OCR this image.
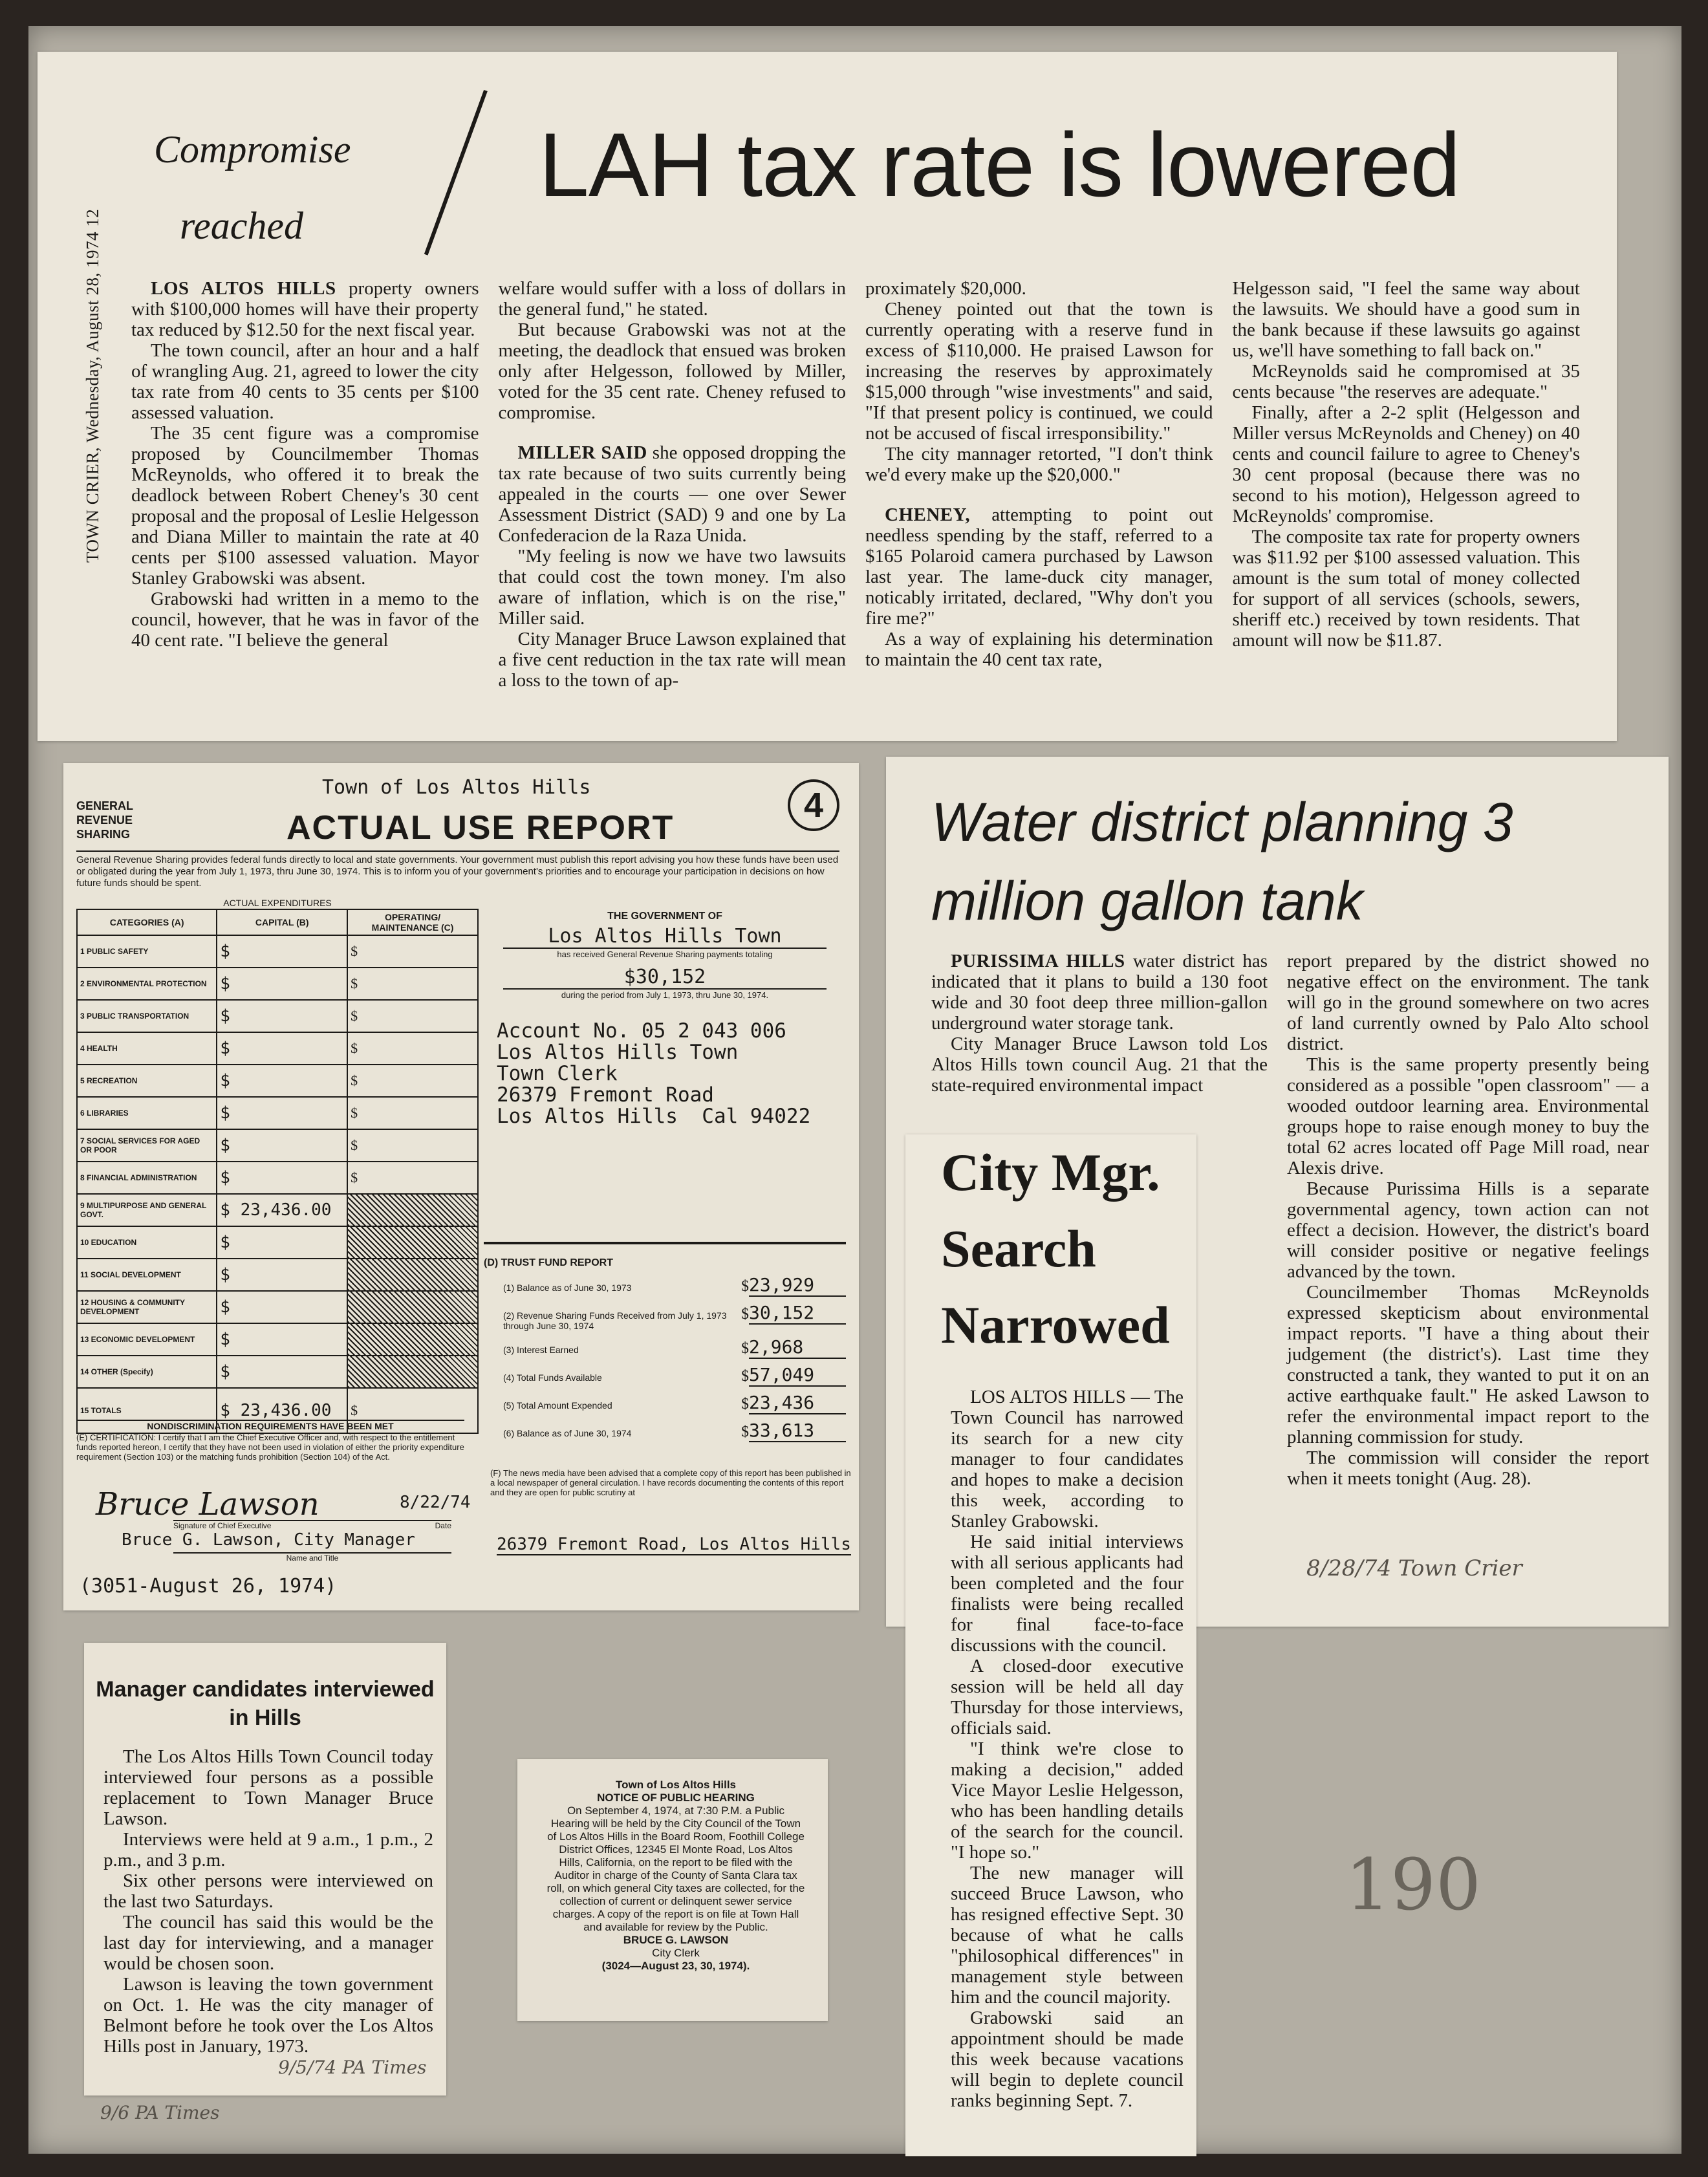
TOWN CRIER, Wednesday, August 28, 1974 12
Compromise
reached
LAH tax rate is lowered

LOS ALTOS HILLS property owners with $100,000 homes will have their property tax reduced by $12.50 for the next fiscal year.

The town council, after an hour and a half of wrangling Aug. 21, agreed to lower the city tax rate from 40 cents to 35 cents per $100 assessed valuation.

The 35 cent figure was a compromise proposed by Councilmember Thomas McReynolds, who offered it to break the deadlock between Robert Cheney's 30 cent proposal and the proposal of Leslie Helgesson and Diana Miller to maintain the rate at 40 cents per $100 assessed valuation. Mayor Stanley Grabowski was absent.

Grabowski had written in a memo to the council, however, that he was in favor of the 40 cent rate. "I believe the general

welfare would suffer with a loss of dollars in the general fund," he stated.

But because Grabowski was not at the meeting, the deadlock that ensued was broken only after Helgesson, followed by Miller, voted for the 35 cent rate. Cheney refused to compromise.

MILLER SAID she opposed dropping the tax rate because of two suits currently being appealed in the courts — one over Sewer Assessment District (SAD) 9 and one by La Confederacion de la Raza Unida.

"My feeling is now we have two lawsuits that could cost the town money. I'm also aware of inflation, which is on the rise," Miller said.

City Manager Bruce Lawson explained that a five cent reduction in the tax rate will mean a loss to the town of ap-

proximately $20,000.

Cheney pointed out that the town is currently operating with a reserve fund in excess of $110,000. He praised Lawson for increasing the reserves by approximately $15,000 through "wise investments" and said, "If that present policy is continued, we could not be accused of fiscal irresponsibility."

The city mannager retorted, "I don't think we'd every make up the $20,000."

CHENEY, attempting to point out needless spending by the staff, referred to a $165 Polaroid camera purchased by Lawson last year. The lame-duck city manager, noticably irritated, declared, "Why don't you fire me?"

As a way of explaining his determination to maintain the 40 cent tax rate,

Helgesson said, "I feel the same way about the lawsuits. We should have a good sum in the bank because if these lawsuits go against us, we'll have something to fall back on."

McReynolds said he compromised at 35 cents because "the reserves are adequate."

Finally, after a 2-2 split (Helgesson and Miller versus McReynolds and Cheney) on 40 cents and council failure to agree to Cheney's 30 cent proposal (because there was no second to his motion), Helgesson agreed to McReynolds' compromise.

The composite tax rate for property owners was $11.92 per $100 assessed valuation. This amount is the sum total of money collected for support of all services (schools, sewers, sheriff etc.) received by town residents. That amount will now be $11.87.

Town of Los Altos Hills
GENERAL
REVENUE
SHARING	ACTUAL USE REPORT
4
General Revenue Sharing provides federal funds directly to local and state governments. Your government must publish this report advising you how these funds have been used or obligated during the year from July 1, 1973, thru June 30, 1974. This is to inform you of your government's priorities and to encourage your participation in decisions on how future funds should be spent.
ACTUAL EXPENDITURES
CATEGORIES (A)	CAPITAL (B)	OPERATING/ MAINTENANCE (C)
1 PUBLIC SAFETY	$	$
2 ENVIRONMENTAL PROTECTION	$	$
3 PUBLIC TRANSPORTATION	$	$
4 HEALTH	$	$
5 RECREATION	$	$
6 LIBRARIES	$	$
7 SOCIAL SERVICES FOR AGED OR POOR	$	$
8 FINANCIAL ADMINISTRATION	$	$
9 MULTIPURPOSE AND GENERAL GOVT.	$ 23,436.00	
10 EDUCATION	$	
11 SOCIAL DEVELOPMENT	$	
12 HOUSING & COMMUNITY DEVELOPMENT	$	
13 ECONOMIC DEVELOPMENT	$	
14 OTHER (Specify)	$	
15 TOTALS	$ 23,436.00	$
THE GOVERNMENT OF
Los Altos Hills Town
has received General Revenue Sharing payments totaling
$30,152
during the period from July 1, 1973, thru June 30, 1974.
Account No. 05 2 043 006
Los Altos Hills Town
Town Clerk
26379 Fremont Road
Los Altos Hills  Cal 94022
(D) TRUST FUND REPORT
(1) Balance as of June 30, 1973	$ 23,929
(2) Revenue Sharing Funds Received from July 1, 1973 through June 30, 1974
$ 30,152
(3) Interest Earned	$ 2,968
(4) Total Funds Available	$ 57,049
(5) Total Amount Expended	$ 23,436
(6) Balance as of June 30, 1974	$ 33,613
NONDISCRIMINATION REQUIREMENTS HAVE BEEN MET
(E) CERTIFICATION: I certify that I am the Chief Executive Officer and, with respect to the entitlement funds reported hereon, I certify that they have not been used in violation of either the priority expenditure requirement (Section 103) or the matching funds prohibition (Section 104) of the Act.
Bruce Lawson	8/22/74
Signature of Chief Executive	Date
Bruce G. Lawson, City Manager
Name and Title
(F) The news media have been advised that a complete copy of this report has been published in a local newspaper of general circulation. I have records documenting the contents of this report and they are open for public scrutiny at
26379 Fremont Road, Los Altos Hills
(3051-August 26, 1974)
Water district planning 3 million gallon tank

PURISSIMA HILLS water district has indicated that it plans to build a 130 foot wide and 30 foot deep three million-gallon underground water storage tank.

City Manager Bruce Lawson told Los Altos Hills town council Aug. 21 that the state-required environmental impact

report prepared by the district showed no negative effect on the environment. The tank will go in the ground somewhere on two acres of land currently owned by Palo Alto school district.

This is the same property presently being considered as a possible "open classroom" — a wooded outdoor learning area. Environmental groups hope to raise enough money to buy the total 62 acres located off Page Mill road, near Alexis drive.

Because Purissima Hills is a separate governmental agency, town action can not effect a decision. However, the district's board will consider positive or negative feelings advanced by the town.

Councilmember Thomas McReynolds expressed skepticism about environmental impact reports. "I have a thing about their judgement (the district's). Last time they constructed a tank, they wanted to put it on an active earthquake fault." He asked Lawson to refer the environmental impact report to the planning commission for study.

The commission will consider the report when it meets tonight (Aug. 28).

8/28/74 Town Crier
City Mgr. Search Narrowed

LOS ALTOS HILLS — The Town Council has narrowed its search for a new city manager to four candidates and hopes to make a decision this week, according to Stanley Grabowski.

He said initial interviews with all serious applicants had been completed and the four finalists were being recalled for final face-to-face discussions with the council.

A closed-door executive session will be held all day Thursday for those interviews, officials said.

"I think we're close to making a decision," added Vice Mayor Leslie Helgesson, who has been handling details of the search for the council. "I hope so."

The new manager will succeed Bruce Lawson, who has resigned effective Sept. 30 because of what he calls "philosophical differences" in management style between him and the council majority.

Grabowski said an appointment should be made this week because vacations will begin to deplete council ranks beginning Sept. 7.

Manager candidates interviewed in Hills

The Los Altos Hills Town Council today interviewed four persons as a possible replacement to Town Manager Bruce Lawson.

Interviews were held at 9 a.m., 1 p.m., 2 p.m., and 3 p.m.

Six other persons were interviewed on the last two Saturdays.

The council has said this would be the last day for interviewing, and a manager would be chosen soon.

Lawson is leaving the town government on Oct. 1. He was the city manager of Belmont before he took over the Los Altos Hills post in January, 1973.

9/5/74 PA Times
9/6 PA Times
Town of Los Altos Hills
NOTICE OF PUBLIC HEARING
On September 4, 1974, at 7:30 P.M. a Public Hearing will be held by the City Council of the Town of Los Altos Hills in the Board Room, Foothill College District Offices, 12345 El Monte Road, Los Altos Hills, California, on the report to be filed with the Auditor in charge of the County of Santa Clara tax roll, on which general City taxes are collected, for the collection of current or delinquent sewer service charges. A copy of the report is on file at Town Hall and available for review by the Public.
BRUCE G. LAWSON
City Clerk
(3024—August 23, 30, 1974).
190
